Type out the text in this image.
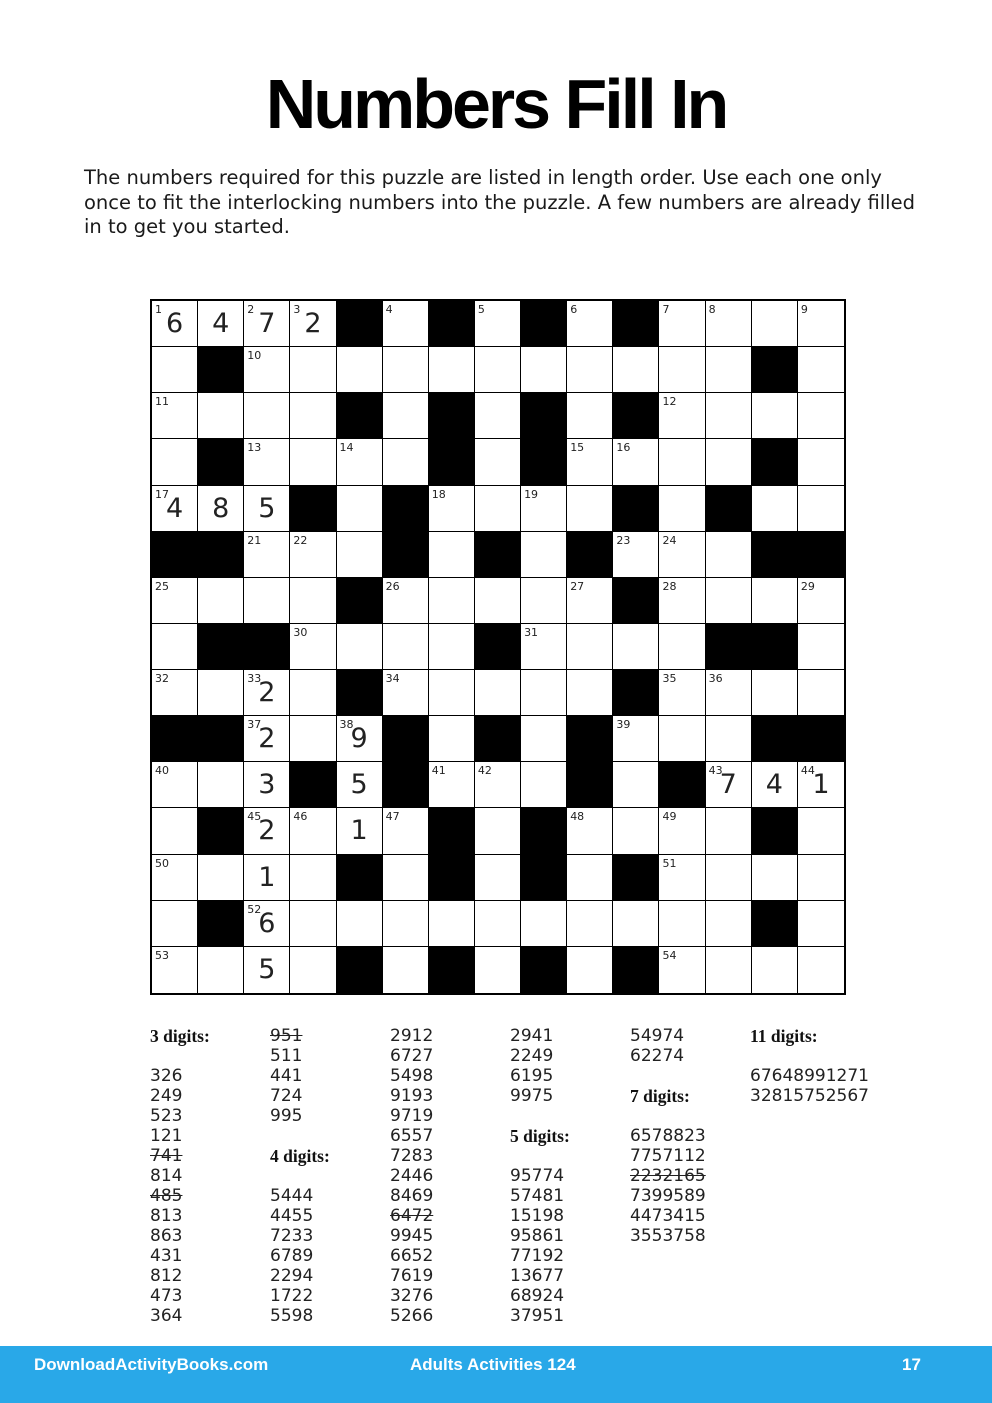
Numbers Fill In
The numbers required for this puzzle are listed in length order. Use each one only once to fit the interlocking numbers into the puzzle. A few numbers are already filled in to get you started.
1 6	4	2 7	3 2	4	5	6	7	8	9
10
11	12
13	14	15	16
17
4	8	5	18	19
21	22	23	24
25	26	27	28	29
30	31
32	33
2	34	35	36
37
2	38
9	39
40	3	5	41	42	43
7	4	44
1
45
2	46	1	47	48	49
50	1	51
52
6
53	5	54
3 digits:

326
249
523
121
741
814
485
813
863
431
812
473
364
951
511
441
724
995

4 digits:

5444
4455
7233
6789
2294
1722
5598
2912
6727
5498
9193
9719
6557
7283
2446
8469
6472
9945
6652
7619
3276
5266
2941
2249
6195
9975

5 digits:

95774
57481
15198
95861
77192
13677
68924
37951
54974
62274

7 digits:

6578823
7757112
2232165
7399589
4473415
3553758
11 digits:

67648991271
32815752567
DownloadActivityBooks.com	Adults Activities 124	17
